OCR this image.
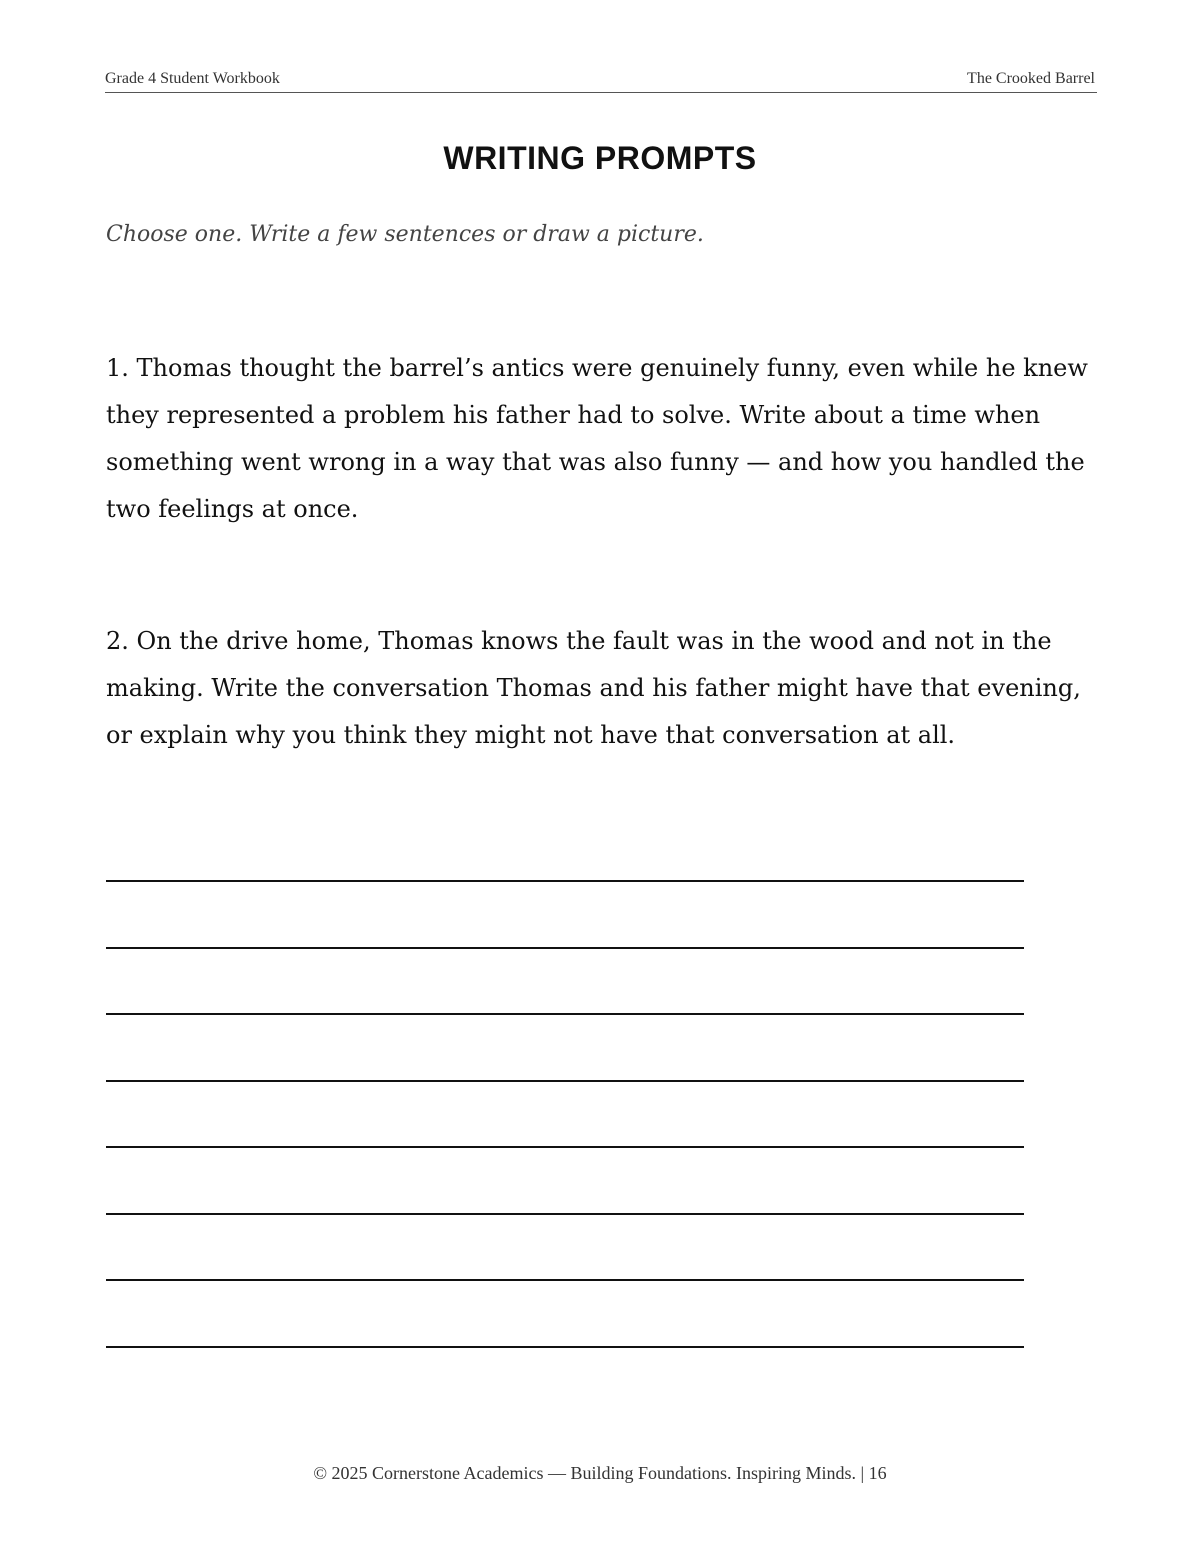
Grade 4 Student Workbook	The Crooked Barrel
WRITING PROMPTS
Choose one. Write a few sentences or draw a picture.
1. Thomas thought the barrel’s antics were genuinely funny, even while he knew they represented a problem his father had to solve. Write about a time when something went wrong in a way that was also funny — and how you handled the two feelings at once.
2. On the drive home, Thomas knows the fault was in the wood and not in the making. Write the conversation Thomas and his father might have that evening, or explain why you think they might not have that conversation at all.
© 2025 Cornerstone Academics — Building Foundations. Inspiring Minds. | 16
